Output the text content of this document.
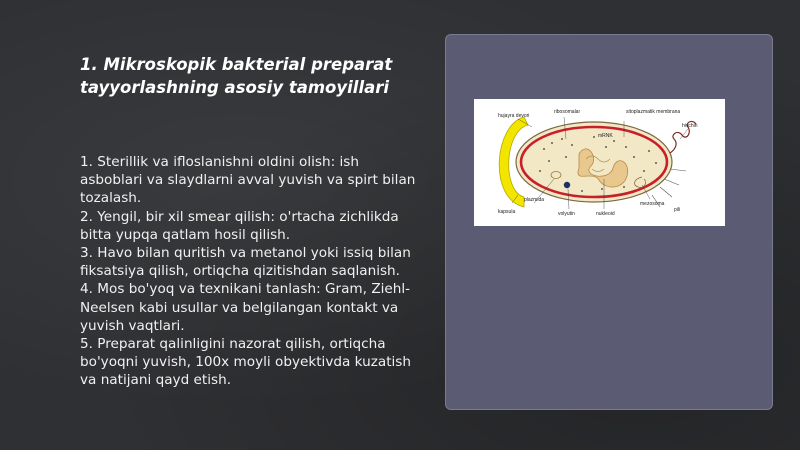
1. Mikroskopik bakterial preparat tayyorlashning asosiy tamoyillari
1. Sterillik va ifloslanishni oldini olish: ish asboblari va slaydlarni avval yuvish va spirt bilan tozalash.
2. Yengil, bir xil smear qilish: o'rtacha zichlikda bitta yupqa qatlam hosil qilish.
3. Havo bilan quritish va metanol yoki issiq bilan fiksatsiya qilish, ortiqcha qizitishdan saqlanish.
4. Mos bo'yoq va texnikani tanlash: Gram, Ziehl-Neelsen kabi usullar va belgilangan kontakt va yuvish vaqtlari.
5. Preparat qalinligini nazorat qilish, ortiqcha bo'yoqni yuvish, 100x moyli obyektivda kuzatish va natijani qayd etish.
hujayra devori
ribosomalar
mRNK
sitoplazmatik membrana
hivchin
plazmida
kapsula	volyutin	nukleoid
mezosoma
pili
